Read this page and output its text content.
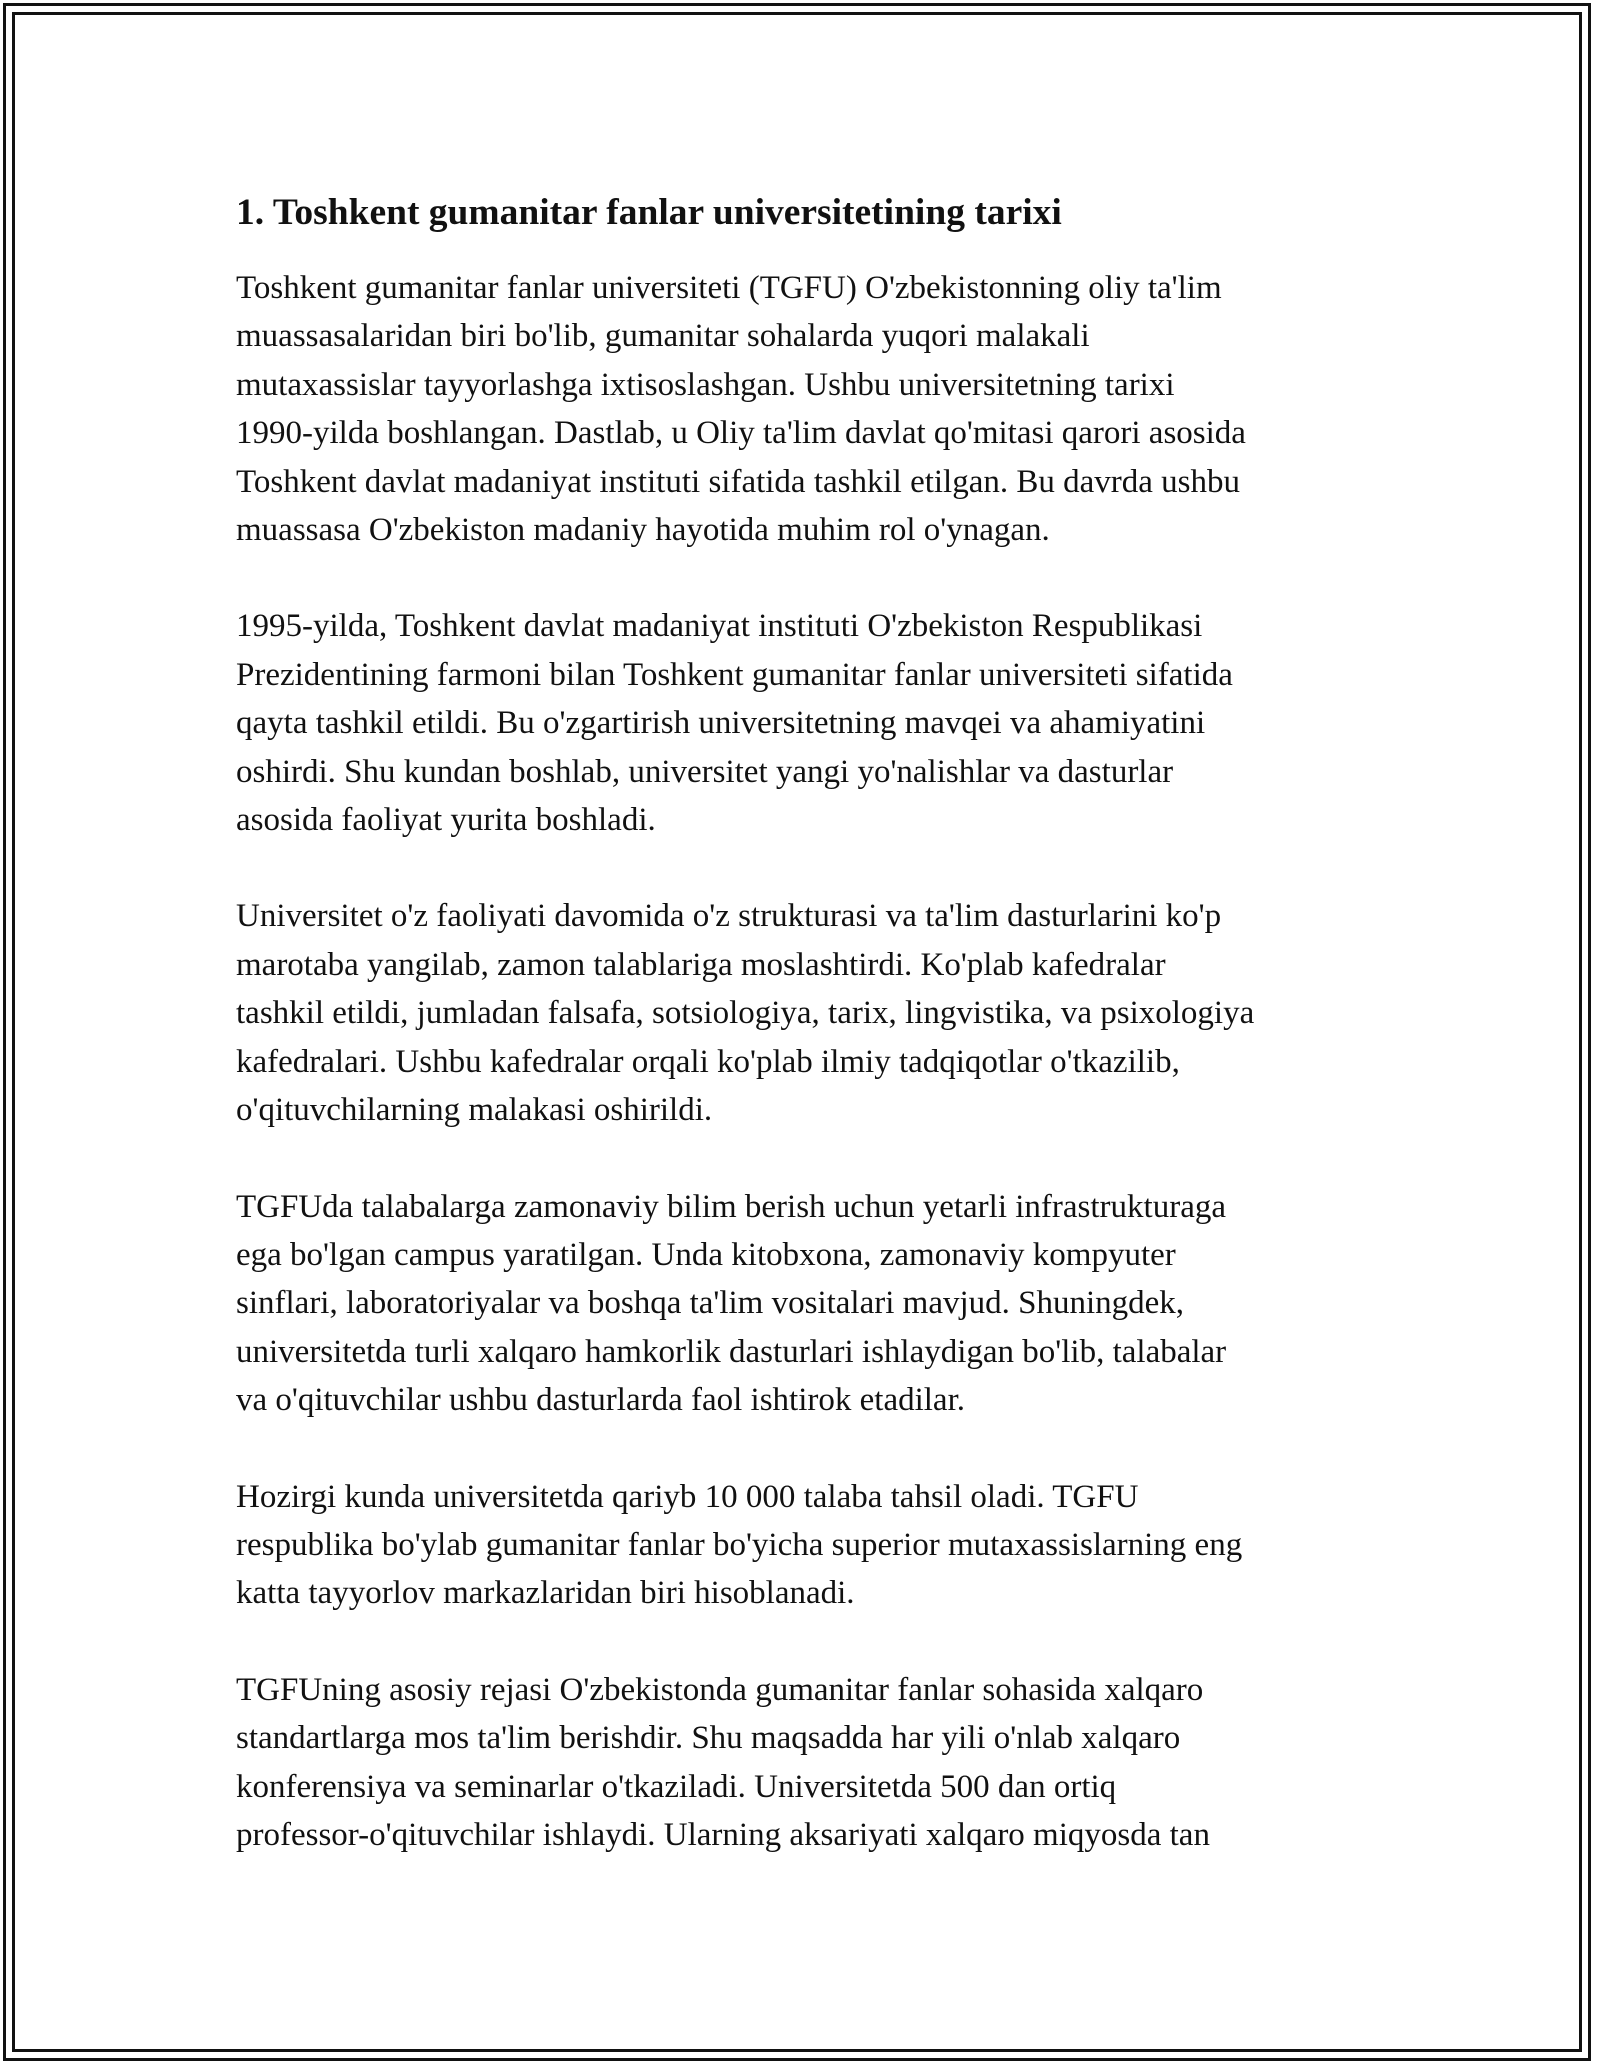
1. Toshkent gumanitar fanlar universitetining tarixi

Toshkent gumanitar fanlar universiteti (TGFU) O'zbekistonning oliy ta'lim
muassasalaridan biri bo'lib, gumanitar sohalarda yuqori malakali
mutaxassislar tayyorlashga ixtisoslashgan. Ushbu universitetning tarixi
1990-yilda boshlangan. Dastlab, u Oliy ta'lim davlat qo'mitasi qarori asosida
Toshkent davlat madaniyat instituti sifatida tashkil etilgan. Bu davrda ushbu
muassasa O'zbekiston madaniy hayotida muhim rol o'ynagan.

1995-yilda, Toshkent davlat madaniyat instituti O'zbekiston Respublikasi
Prezidentining farmoni bilan Toshkent gumanitar fanlar universiteti sifatida
qayta tashkil etildi. Bu o'zgartirish universitetning mavqei va ahamiyatini
oshirdi. Shu kundan boshlab, universitet yangi yo'nalishlar va dasturlar
asosida faoliyat yurita boshladi.

Universitet o'z faoliyati davomida o'z strukturasi va ta'lim dasturlarini ko'p
marotaba yangilab, zamon talablariga moslashtirdi. Ko'plab kafedralar
tashkil etildi, jumladan falsafa, sotsiologiya, tarix, lingvistika, va psixologiya
kafedralari. Ushbu kafedralar orqali ko'plab ilmiy tadqiqotlar o'tkazilib,
o'qituvchilarning malakasi oshirildi.

TGFUda talabalarga zamonaviy bilim berish uchun yetarli infrastrukturaga
ega bo'lgan campus yaratilgan. Unda kitobxona, zamonaviy kompyuter
sinflari, laboratoriyalar va boshqa ta'lim vositalari mavjud. Shuningdek,
universitetda turli xalqaro hamkorlik dasturlari ishlaydigan bo'lib, talabalar
va o'qituvchilar ushbu dasturlarda faol ishtirok etadilar.

Hozirgi kunda universitetda qariyb 10 000 talaba tahsil oladi. TGFU
respublika bo'ylab gumanitar fanlar bo'yicha superior mutaxassislarning eng
katta tayyorlov markazlaridan biri hisoblanadi.

TGFUning asosiy rejasi O'zbekistonda gumanitar fanlar sohasida xalqaro
standartlarga mos ta'lim berishdir. Shu maqsadda har yili o'nlab xalqaro
konferensiya va seminarlar o'tkaziladi. Universitetda 500 dan ortiq
professor-o'qituvchilar ishlaydi. Ularning aksariyati xalqaro miqyosda tan
